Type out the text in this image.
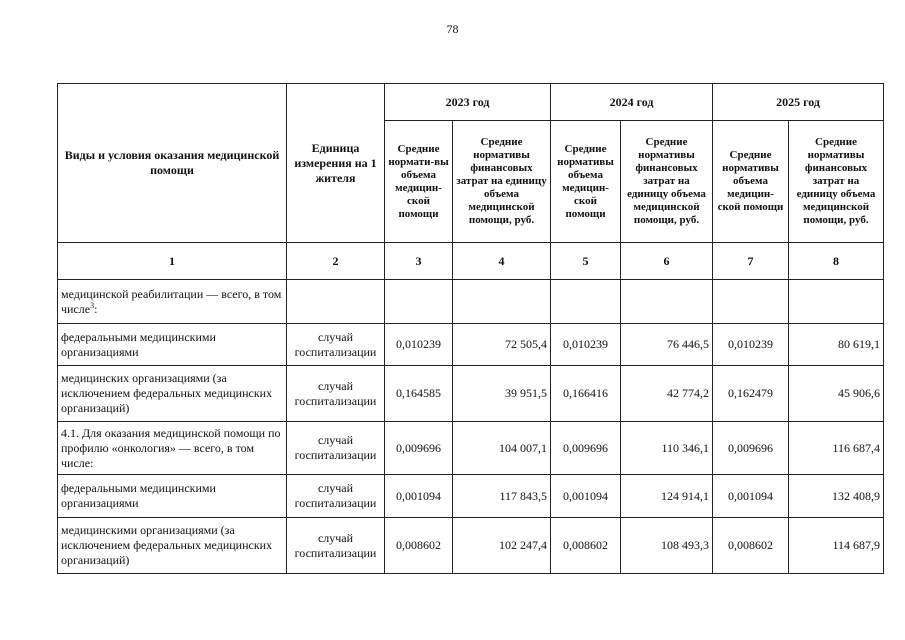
78
Виды и условия оказания медицинской помощи	Единица измерения на 1 жителя	2023 год		2024 год		2025 год	
		Средние нормати-вы объема медицин-ской помощи	Средние нормативы финансовых затрат на единицу объема медицинской помощи, руб.	Средние нормативы объема медицин-ской помощи	Средние нормативы финансовых затрат на единицу объема медицинской помощи, руб.	Средние нормативы объема медицин-ской помощи	Средние нормативы финансовых затрат на единицу объема медицинской помощи, руб.
1	2	3	4	5	6	7	8
медицинской реабилитации — всего, в том числе$^3$:							
федеральными медицинскими организациями	случай госпитализации	0,010239	72 505,4	0,010239	76 446,5	0,010239	80 619,1
медицинских организациями (за исключением федеральных медицинских организаций)	случай госпитализации	0,164585	39 951,5	0,166416	42 774,2	0,162479	45 906,6
4.1. Для оказания медицинской помощи по профилю «онкология» — всего, в том числе:	случай госпитализации	0,009696	104 007,1	0,009696	110 346,1	0,009696	116 687,4
федеральными медицинскими организациями	случай госпитализации	0,001094	117 843,5	0,001094	124 914,1	0,001094	132 408,9
медицинскими организациями (за исключением федеральных медицинских организаций)	случай госпитализации	0,008602	102 247,4	0,008602	108 493,3	0,008602	114 687,9
